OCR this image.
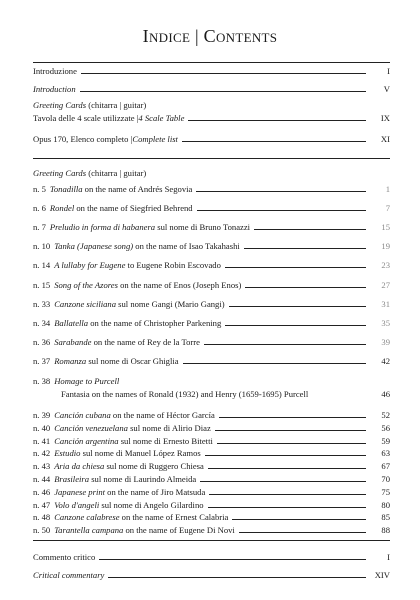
Indice | Contents
Introduzione	I
Introduction	V
Greeting Cards (chitarra | guitar)
Tavola delle 4 scale utilizzate | 4 Scale Table	IX
Opus 170, Elenco completo | Complete list	XI
Greeting Cards (chitarra | guitar)
n. 5 Tonadilla on the name of Andrés Segovia	1
n. 6 Rondel on the name of Siegfried Behrend	7
n. 7 Preludio in forma di habanera sul nome di Bruno Tonazzi	15
n. 10 Tanka (Japanese song) on the name of Isao Takahashi	19
n. 14 A lullaby for Eugene to Eugene Robin Escovado	23
n. 15 Song of the Azores on the name of Enos (Joseph Enos)	27
n. 33 Canzone siciliana sul nome Gangi (Mario Gangi)	31
n. 34 Ballatella on the name of Christopher Parkening	35
n. 36 Sarabande on the name of Rey de la Torre	39
n. 37 Romanza sul nome di Oscar Ghiglia	42
n. 38 Homage to Purcell
Fantasia on the names of Ronald (1932) and Henry (1659-1695) Purcell	46
n. 39 Canción cubana on the name of Héctor García	52
n. 40 Canción venezuelana sul nome di Alirio Diaz	56
n. 41 Canción argentina sul nome di Ernesto Bitetti	59
n. 42 Estudio sul nome di Manuel López Ramos	63
n. 43 Aria da chiesa sul nome di Ruggero Chiesa	67
n. 44 Brasileira sul nome di Laurindo Almeida	70
n. 46 Japanese print on the name of Jiro Matsuda	75
n. 47 Volo d'angeli sul nome di Angelo Gilardino	80
n. 48 Canzone calabrese on the name of Ernest Calabria	85
n. 50 Tarantella campana on the name of Eugene Di Novi	88
Commento critico	I
Critical commentary	XIV
